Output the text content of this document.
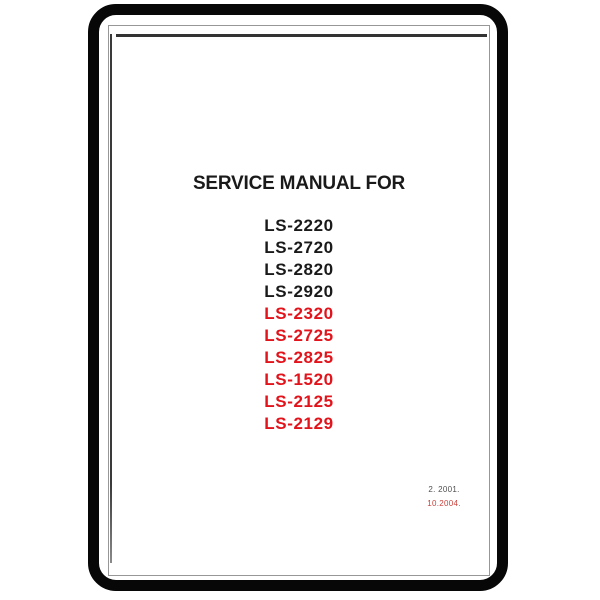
SERVICE MANUAL FOR
LS-2220
LS-2720
LS-2820
LS-2920
LS-2320
LS-2725
LS-2825
LS-1520
LS-2125
LS-2129
2. 2001.
10.2004.
